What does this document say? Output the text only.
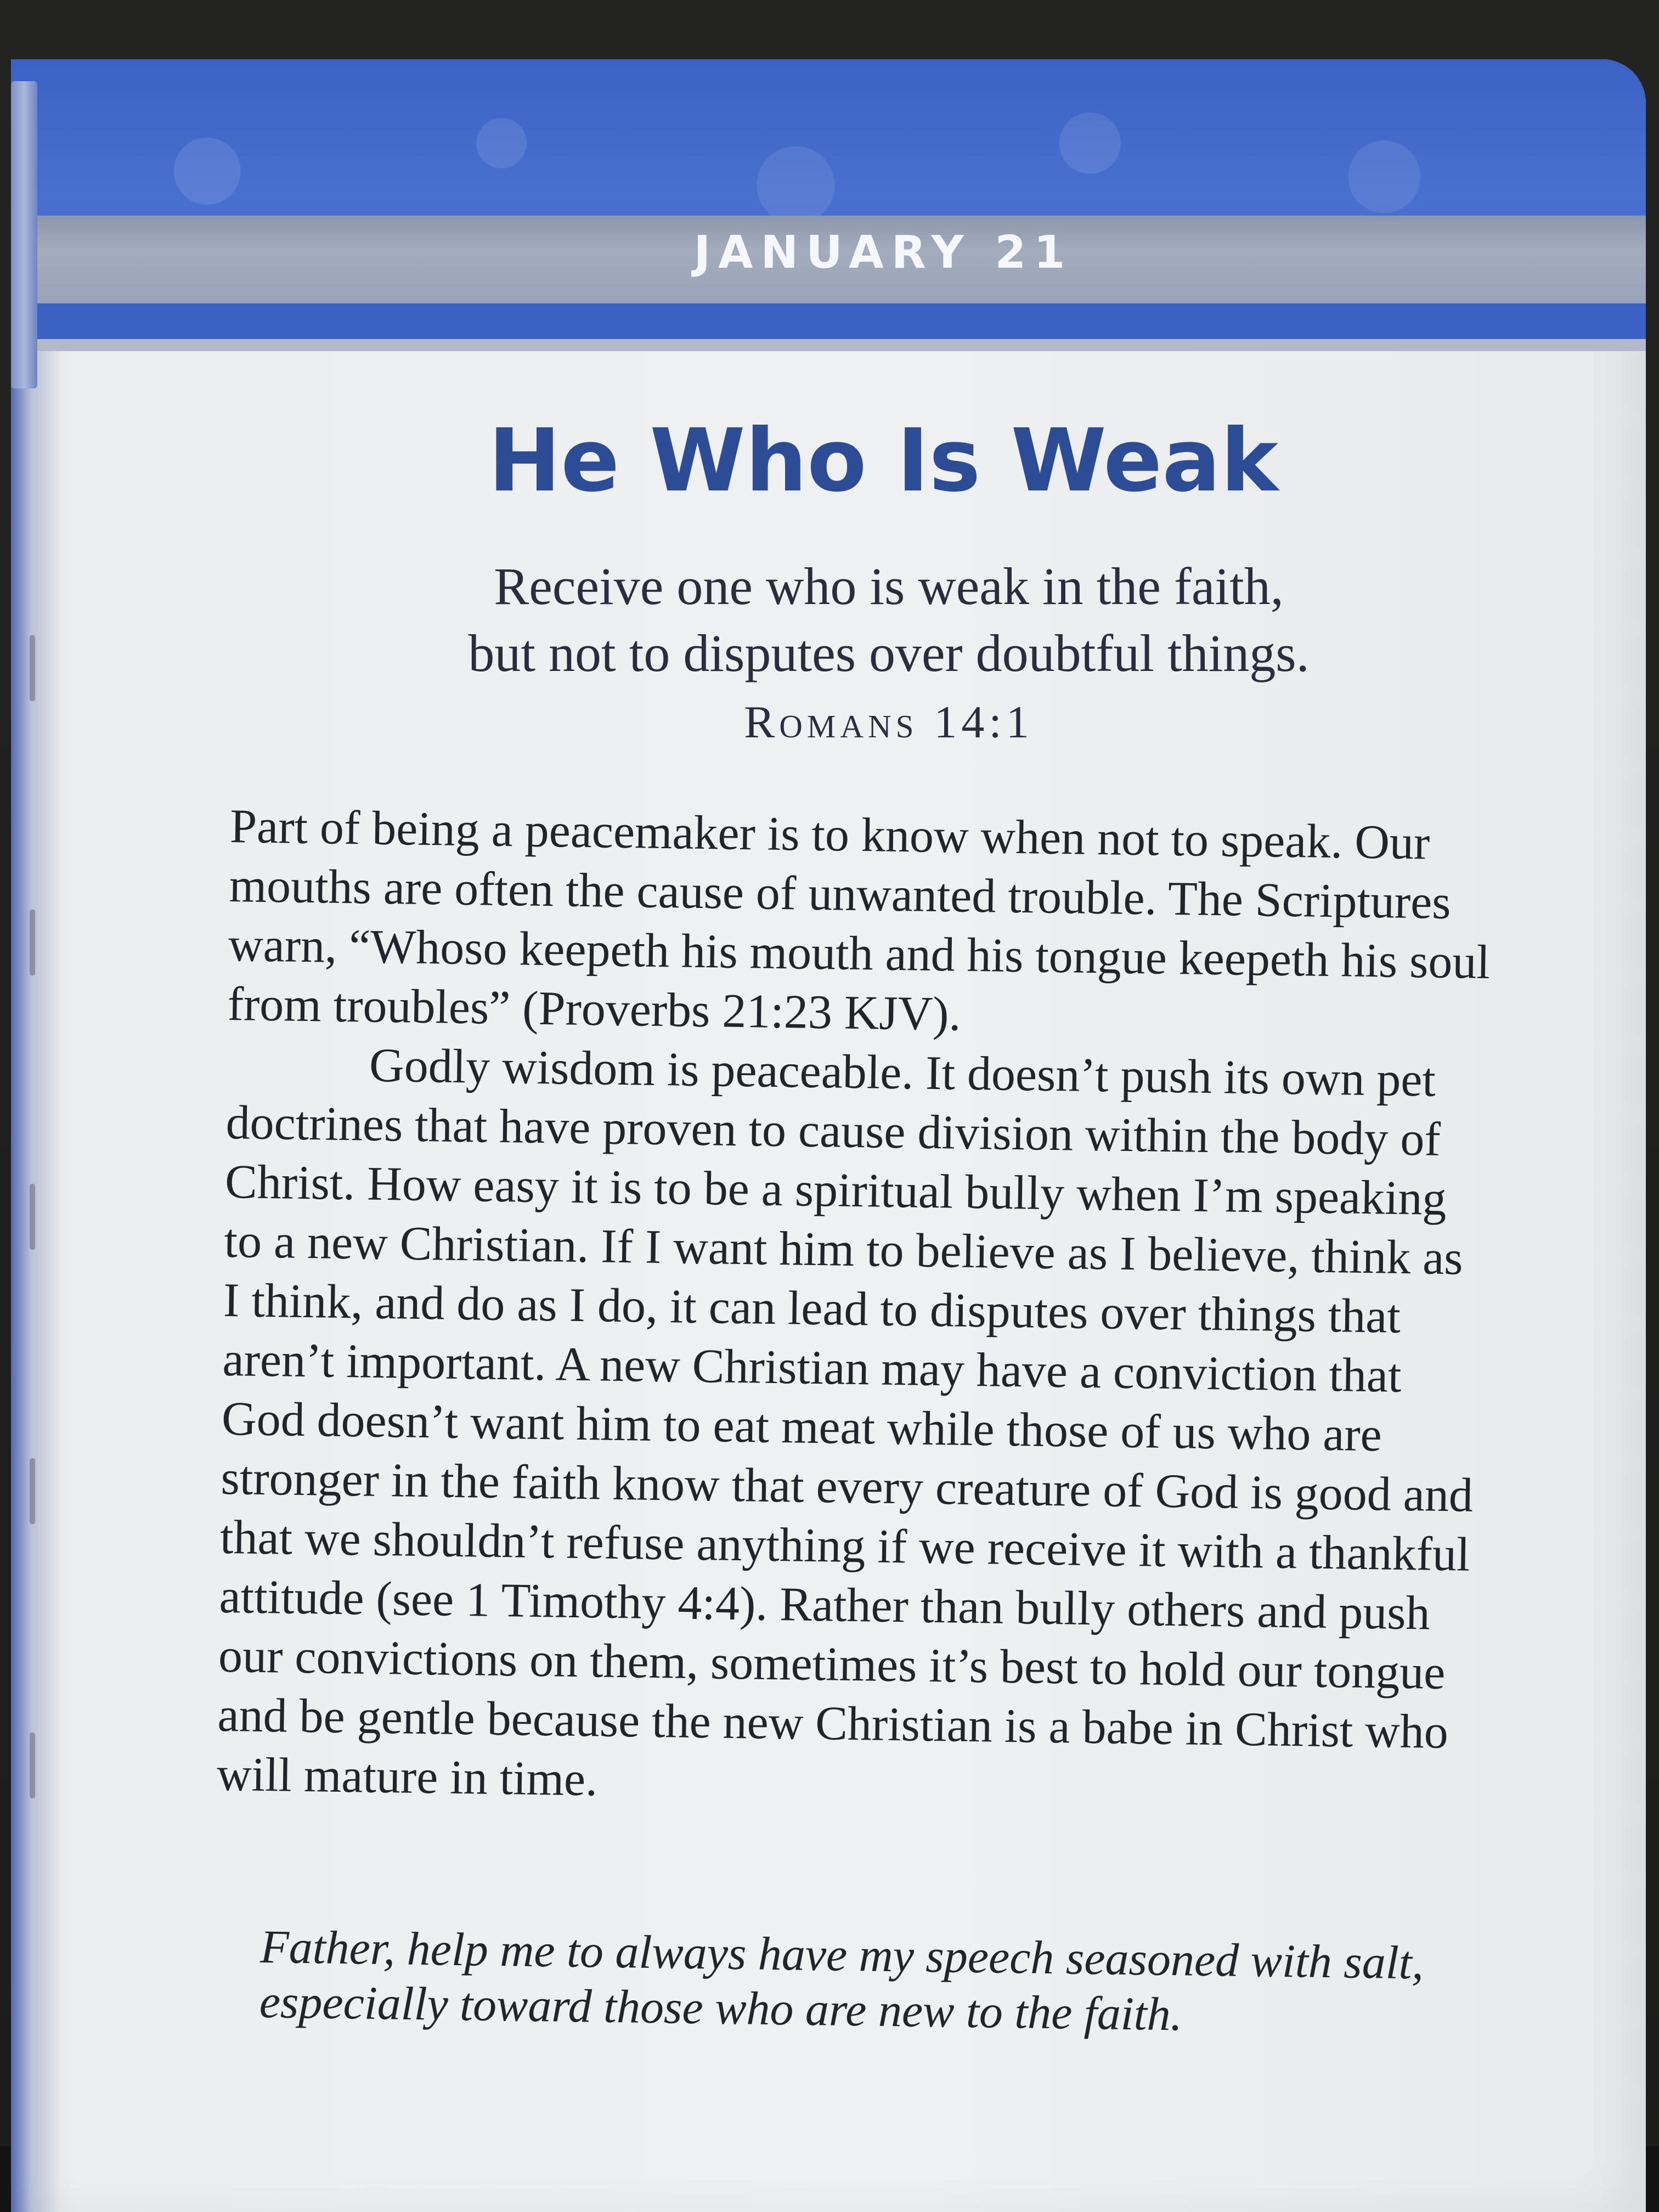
JANUARY 21
He Who Is Weak
Receive one who is weak in the faith,
but not to disputes over doubtful things.
Romans 14:1

Part of being a peacemaker is to know when not to speak. Our mouths are often the cause of unwanted trouble. The Scriptures warn, “Whoso keepeth his mouth and his tongue keepeth his soul from troubles” (Proverbs 21:23 KJV).

Godly wisdom is peaceable. It doesn’t push its own pet doctrines that have proven to cause division within the body of Christ. How easy it is to be a spiritual bully when I’m speaking to a new Christian. If I want him to believe as I believe, think as I think, and do as I do, it can lead to disputes over things that aren’t important. A new Christian may have a conviction that God doesn’t want him to eat meat while those of us who are stronger in the faith know that every creature of God is good and that we shouldn’t refuse anything if we receive it with a thankful attitude (see 1 Timothy 4:4). Rather than bully others and push our convictions on them, sometimes it’s best to hold our tongue and be gentle because the new Christian is a babe in Christ who will mature in time.

Father, help me to always have my speech seasoned with salt, especially toward those who are new to the faith.
